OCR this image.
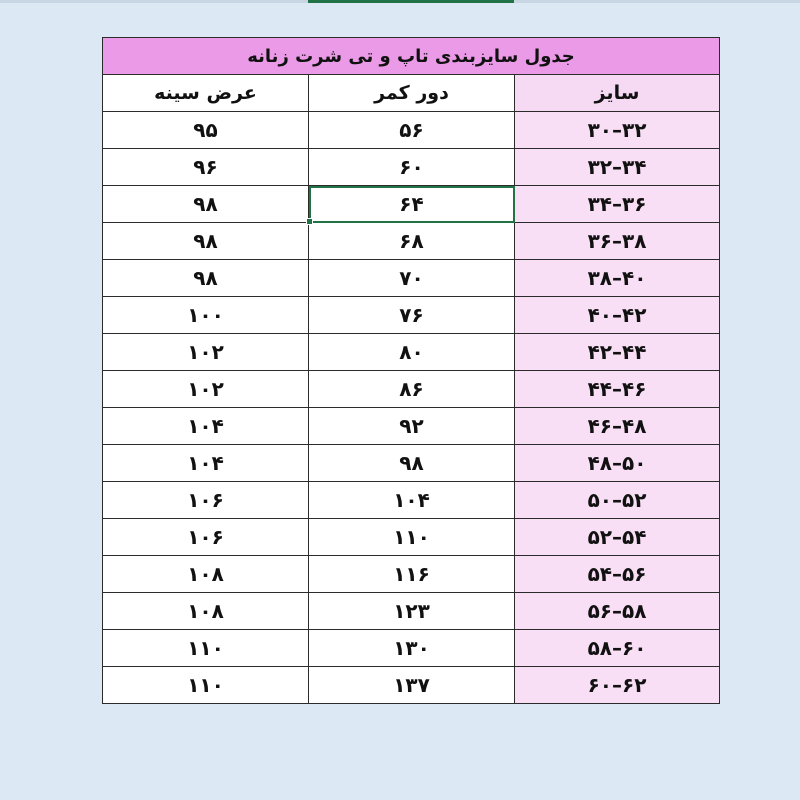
جدول سایزبندی تاپ و تی شرت زنانه		
عرض سینه	دور کمر	سایز
۹۵	۵۶	۳۰–۳۲
۹۶	۶۰	۳۲–۳۴
۹۸	۶۴	۳۴–۳۶
۹۸	۶۸	۳۶–۳۸
۹۸	۷۰	۳۸–۴۰
۱۰۰	۷۶	۴۰–۴۲
۱۰۲	۸۰	۴۲–۴۴
۱۰۲	۸۶	۴۴–۴۶
۱۰۴	۹۲	۴۶–۴۸
۱۰۴	۹۸	۴۸–۵۰
۱۰۶	۱۰۴	۵۰–۵۲
۱۰۶	۱۱۰	۵۲–۵۴
۱۰۸	۱۱۶	۵۴–۵۶
۱۰۸	۱۲۳	۵۶–۵۸
۱۱۰	۱۳۰	۵۸–۶۰
۱۱۰	۱۳۷	۶۰–۶۲
